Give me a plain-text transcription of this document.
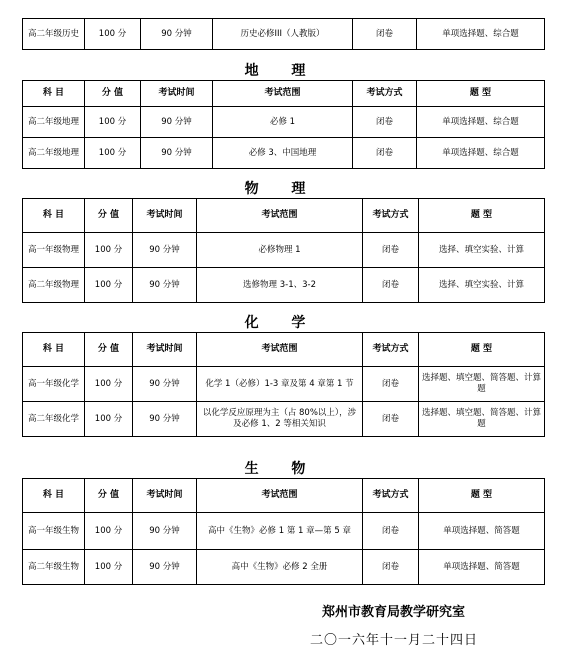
高二年级历史	100 分	90 分钟	历史必修III（人教版）	闭卷	单项选择题、综合题
地 理
科 目	分 值	考试时间	考试范围	考试方式	题 型
高二年级地理	100 分	90 分钟	必修 1	闭卷	单项选择题、综合题
高二年级地理	100 分	90 分钟	必修 3、中国地理	闭卷	单项选择题、综合题
物 理
科 目	分 值	考试时间	考试范围	考试方式	题 型
高一年级物理	100 分	90 分钟	必修物理 1	闭卷	选择、填空实验、计算
高二年级物理	100 分	90 分钟	选修物理 3-1、3-2	闭卷	选择、填空实验、计算
化 学
科 目	分 值	考试时间	考试范围	考试方式	题 型
高一年级化学	100 分	90 分钟	化学 1（必修）1-3 章及第 4 章第 1 节	闭卷	选择题、填空题、简答题、计算题
高二年级化学	100 分	90 分钟	以化学反应原理为主（占 80%以上），涉及必修 1、2 等相关知识	闭卷	选择题、填空题、简答题、计算题
生 物
科 目	分 值	考试时间	考试范围	考试方式	题 型
高一年级生物	100 分	90 分钟	高中《生物》必修 1 第 1 章—第 5 章	闭卷	单项选择题、简答题
高二年级生物	100 分	90 分钟	高中《生物》必修 2 全册	闭卷	单项选择题、简答题
郑州市教育局教学研究室
二〇一六年十一月二十四日
